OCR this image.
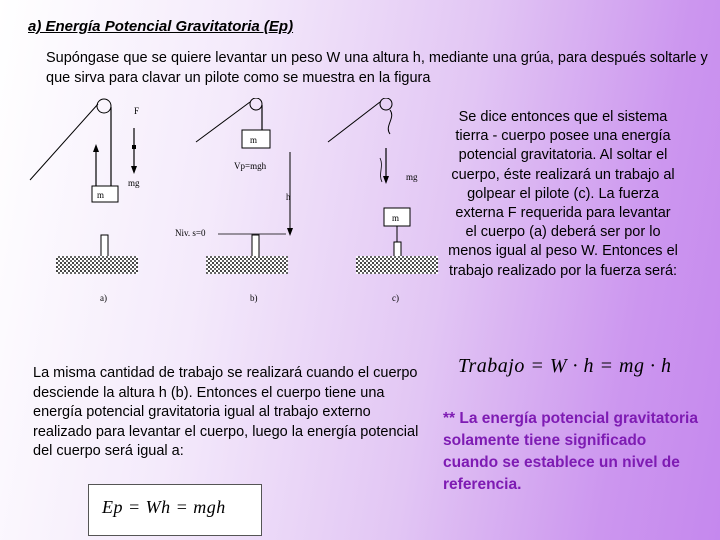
a) Energía Potencial Gravitatoria (Ep)
Supóngase que se quiere levantar un peso W una altura h, mediante una grúa, para después soltarle y que sirva para clavar un pilote como se muestra en la figura
m
F
mg
a)
m
Vp=mgh
h
Niv. s=0
b)
mg
m
c)
Se dice entonces que el sistema tierra - cuerpo posee una energía potencial gravitatoria. Al soltar el cuerpo, éste realizará un trabajo al golpear el pilote (c). La fuerza externa F requerida para levantar el cuerpo (a) deberá ser por lo menos igual al peso W. Entonces el trabajo realizado por la fuerza será:
Trabajo = W · h = mg · h
La misma cantidad de trabajo se realizará cuando el cuerpo desciende la altura h (b). Entonces el cuerpo tiene una energía potencial gravitatoria igual al trabajo externo realizado para levantar el cuerpo, luego la energía potencial del cuerpo será igual a:
** La energía potencial gravitatoria solamente tiene significado cuando se establece un nivel de referencia.
Ep = Wh = mgh
